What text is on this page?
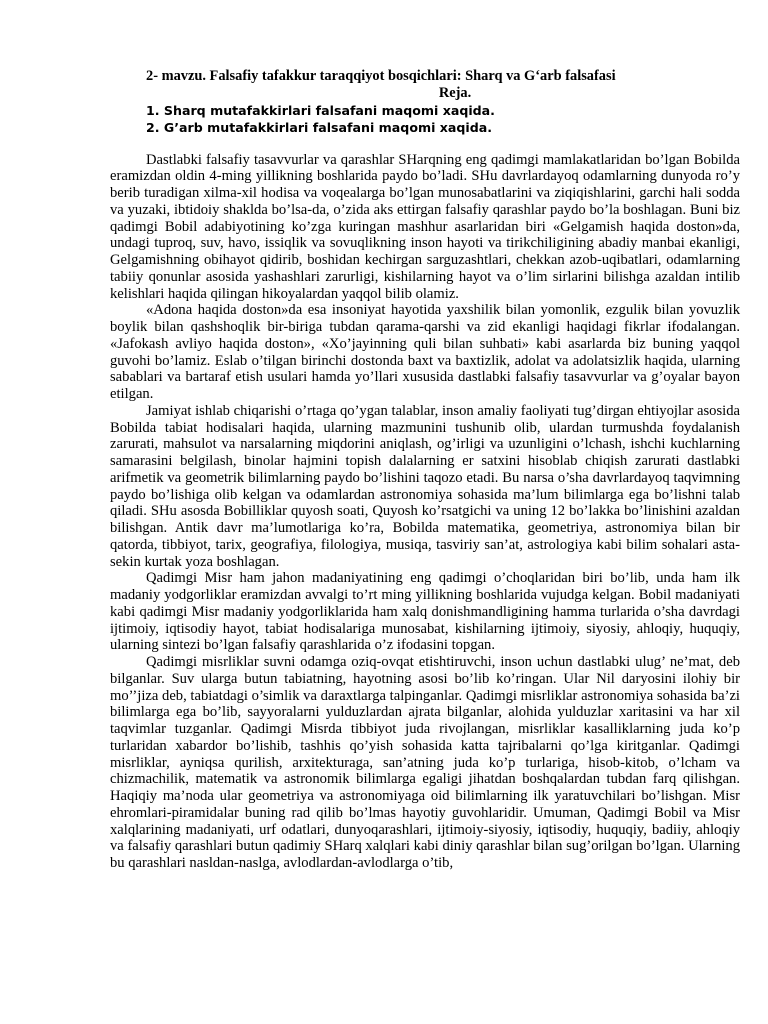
2- mavzu. Falsafiy tafakkur taraqqiyot bosqichlari: Sharq va G‘arb falsafasi

Reja.

1. Sharq mutafakkirlari falsafani maqomi xaqida.
2. G’arb mutafakkirlari falsafani maqomi xaqida.

Dastlabki falsafiy tasavvurlar va qarashlar SHarqning eng qadimgi mamlakatlaridan bo’lgan Bobilda eramizdan oldin 4-ming yillikning boshlarida paydo bo’ladi. SHu davrlardayoq odamlarning dunyoda ro’y berib turadigan xilma-xil hodisa va voqealarga bo’lgan munosabatlarini va ziqiqishlarini, garchi hali sodda va yuzaki, ibtidoiy shaklda bo’lsa-da, o’zida aks ettirgan falsafiy qarashlar paydo bo’la boshlagan. Buni biz qadimgi Bobil adabiyotining ko’zga kuringan mashhur asarlaridan biri «Gelgamish haqida doston»da, undagi tuproq, suv, havo, issiqlik va sovuqlikning inson hayoti va tirikchiligining abadiy manbai ekanligi, Gelgamishning obihayot qidirib, boshidan kechirgan sarguzashtlari, chekkan azob-uqibatlari, odamlarning tabiiy qonunlar asosida yashashlari zarurligi, kishilarning hayot va o’lim sirlarini bilishga azaldan intilib kelishlari haqida qilingan hikoyalardan yaqqol bilib olamiz.

«Adona haqida doston»da esa insoniyat hayotida yaxshilik bilan yomonlik, ezgulik bilan yovuzlik boylik bilan qashshoqlik bir-biriga tubdan qarama-qarshi va zid ekanligi haqidagi fikrlar ifodalangan. «Jafokash avliyo haqida doston», «Xo’jayinning quli bilan suhbati» kabi asarlarda biz buning yaqqol guvohi bo’lamiz. Eslab o’tilgan birinchi dostonda baxt va baxtizlik, adolat va adolatsizlik haqida, ularning sabablari va bartaraf etish usulari hamda yo’llari xususida dastlabki falsafiy tasavvurlar va g’oyalar bayon etilgan.

Jamiyat ishlab chiqarishi o’rtaga qo’ygan talablar, inson amaliy faoliyati tug’dirgan ehtiyojlar asosida Bobilda tabiat hodisalari haqida, ularning mazmunini tushunib olib, ulardan turmushda foydalanish zarurati, mahsulot va narsalarning miqdorini aniqlash, og’irligi va uzunligini o’lchash, ishchi kuchlarning samarasini belgilash, binolar hajmini topish dalalarning er satxini hisoblab chiqish zarurati dastlabki arifmetik va geometrik bilimlarning paydo bo’lishini taqozo etadi. Bu narsa o’sha davrlardayoq taqvimning paydo bo’lishiga olib kelgan va odamlardan astronomiya sohasida ma’lum bilimlarga ega bo’lishni talab qiladi. SHu asosda Bobilliklar quyosh soati, Quyosh ko’rsatgichi va uning 12 bo’lakka bo’linishini azaldan bilishgan. Antik davr ma’lumotlariga ko’ra, Bobilda matematika, geometriya, astronomiya bilan bir qatorda, tibbiyot, tarix, geografiya, filologiya, musiqa, tasviriy san’at, astrologiya kabi bilim sohalari asta-sekin kurtak yoza boshlagan.

Qadimgi Misr ham jahon madaniyatining eng qadimgi o’choqlaridan biri bo’lib, unda ham ilk madaniy yodgorliklar eramizdan avvalgi to’rt ming yillikning boshlarida vujudga kelgan. Bobil madaniyati kabi qadimgi Misr madaniy yodgorliklarida ham xalq donishmandligining hamma turlarida o’sha davrdagi ijtimoiy, iqtisodiy hayot, tabiat hodisalariga munosabat, kishilarning ijtimoiy, siyosiy, ahloqiy, huquqiy, ularning sintezi bo’lgan falsafiy qarashlarida o’z ifodasini topgan.

Qadimgi misrliklar suvni odamga oziq-ovqat etishtiruvchi, inson uchun dastlabki ulug’ ne’mat, deb bilganlar. Suv ularga butun tabiatning, hayotning asosi bo’lib ko’ringan. Ular Nil daryosini ilohiy bir mo’’jiza deb, tabiatdagi o’simlik va daraxtlarga talpinganlar. Qadimgi misrliklar astronomiya sohasida ba’zi bilimlarga ega bo’lib, sayyoralarni yulduzlardan ajrata bilganlar, alohida yulduzlar xaritasini va har xil taqvimlar tuzganlar. Qadimgi Misrda tibbiyot juda rivojlangan, misrliklar kasalliklarning juda ko’p turlaridan xabardor bo’lishib, tashhis qo’yish sohasida katta tajribalarni qo’lga kiritganlar. Qadimgi misrliklar, ayniqsa qurilish, arxitekturaga, san’atning juda ko’p turlariga, hisob-kitob, o’lcham va chizmachilik, matematik va astronomik bilimlarga egaligi jihatdan boshqalardan tubdan farq qilishgan. Haqiqiy ma’noda ular geometriya va astronomiyaga oid bilimlarning ilk yaratuvchilari bo’lishgan. Misr ehromlari-piramidalar buning rad qilib bo’lmas hayotiy guvohlaridir. Umuman, Qadimgi Bobil va Misr xalqlarining madaniyati, urf odatlari, dunyoqarashlari, ijtimoiy-siyosiy, iqtisodiy, huquqiy, badiiy, ahloqiy va falsafiy qarashlari butun qadimiy SHarq xalqlari kabi diniy qarashlar bilan sug’orilgan bo’lgan. Ularning bu qarashlari nasldan-naslga, avlodlardan-avlodlarga o’tib,
